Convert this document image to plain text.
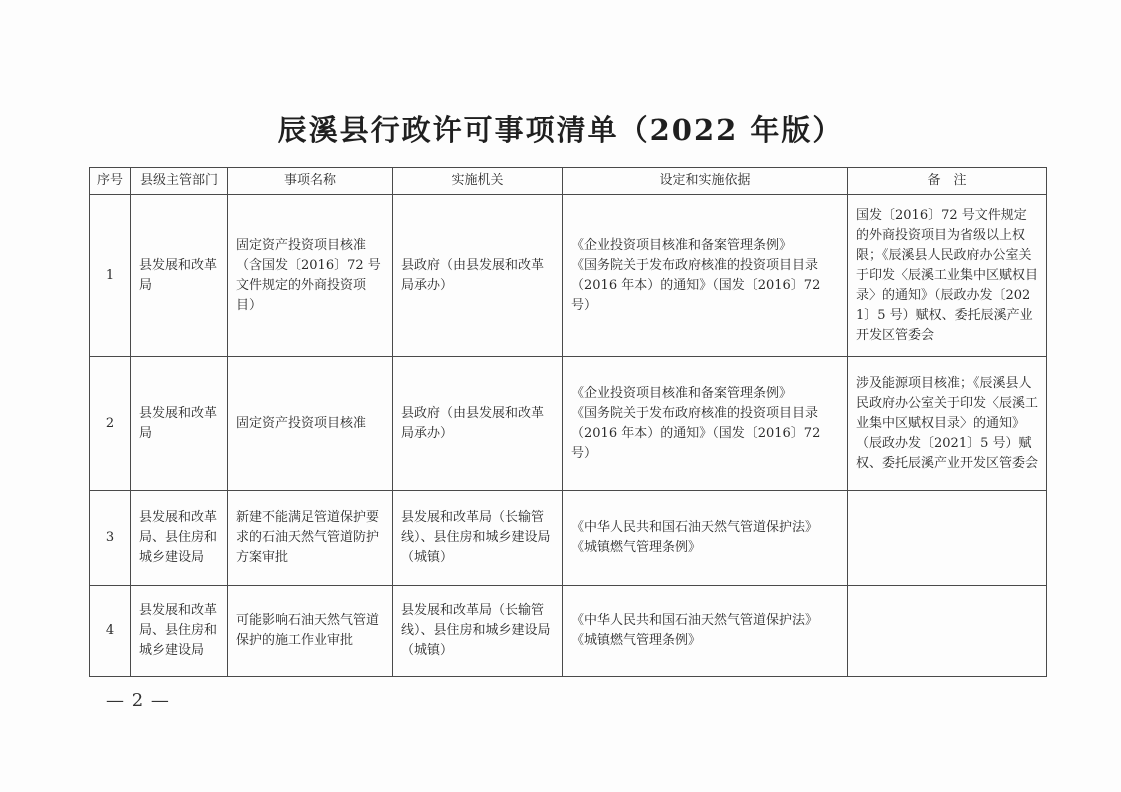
辰溪县行政许可事项清单（2022 年版）
序号	县级主管部门	事项名称	实施机关	设定和实施依据	备　注
1	县发展和改革局	固定资产投资项目核准（含国发〔2016〕72 号文件规定的外商投资项目）	县政府（由县发展和改革局承办）	《企业投资项目核准和备案管理条例》
《国务院关于发布政府核准的投资项目目录（2016 年本）的通知》（国发〔2016〕72 号）	国发〔2016〕72 号文件规定的外商投资项目为省级以上权限；《辰溪县人民政府办公室关于印发〈辰溪工业集中区赋权目录〉的通知》（辰政办发〔2021〕5 号）赋权、委托辰溪产业开发区管委会
2	县发展和改革局	固定资产投资项目核准	县政府（由县发展和改革局承办）	《企业投资项目核准和备案管理条例》
《国务院关于发布政府核准的投资项目目录（2016 年本）的通知》（国发〔2016〕72 号）	涉及能源项目核准；《辰溪县人民政府办公室关于印发〈辰溪工业集中区赋权目录〉的通知》（辰政办发〔2021〕5 号）赋权、委托辰溪产业开发区管委会
3	县发展和改革局、县住房和城乡建设局	新建不能满足管道保护要求的石油天然气管道防护方案审批	县发展和改革局（长输管线）、县住房和城乡建设局（城镇）	《中华人民共和国石油天然气管道保护法》
《城镇燃气管理条例》	

4	县发展和改革局、县住房和城乡建设局	可能影响石油天然气管道保护的施工作业审批	县发展和改革局（长输管线）、县住房和城乡建设局（城镇）	《中华人民共和国石油天然气管道保护法》
《城镇燃气管理条例》	

— 2 —
